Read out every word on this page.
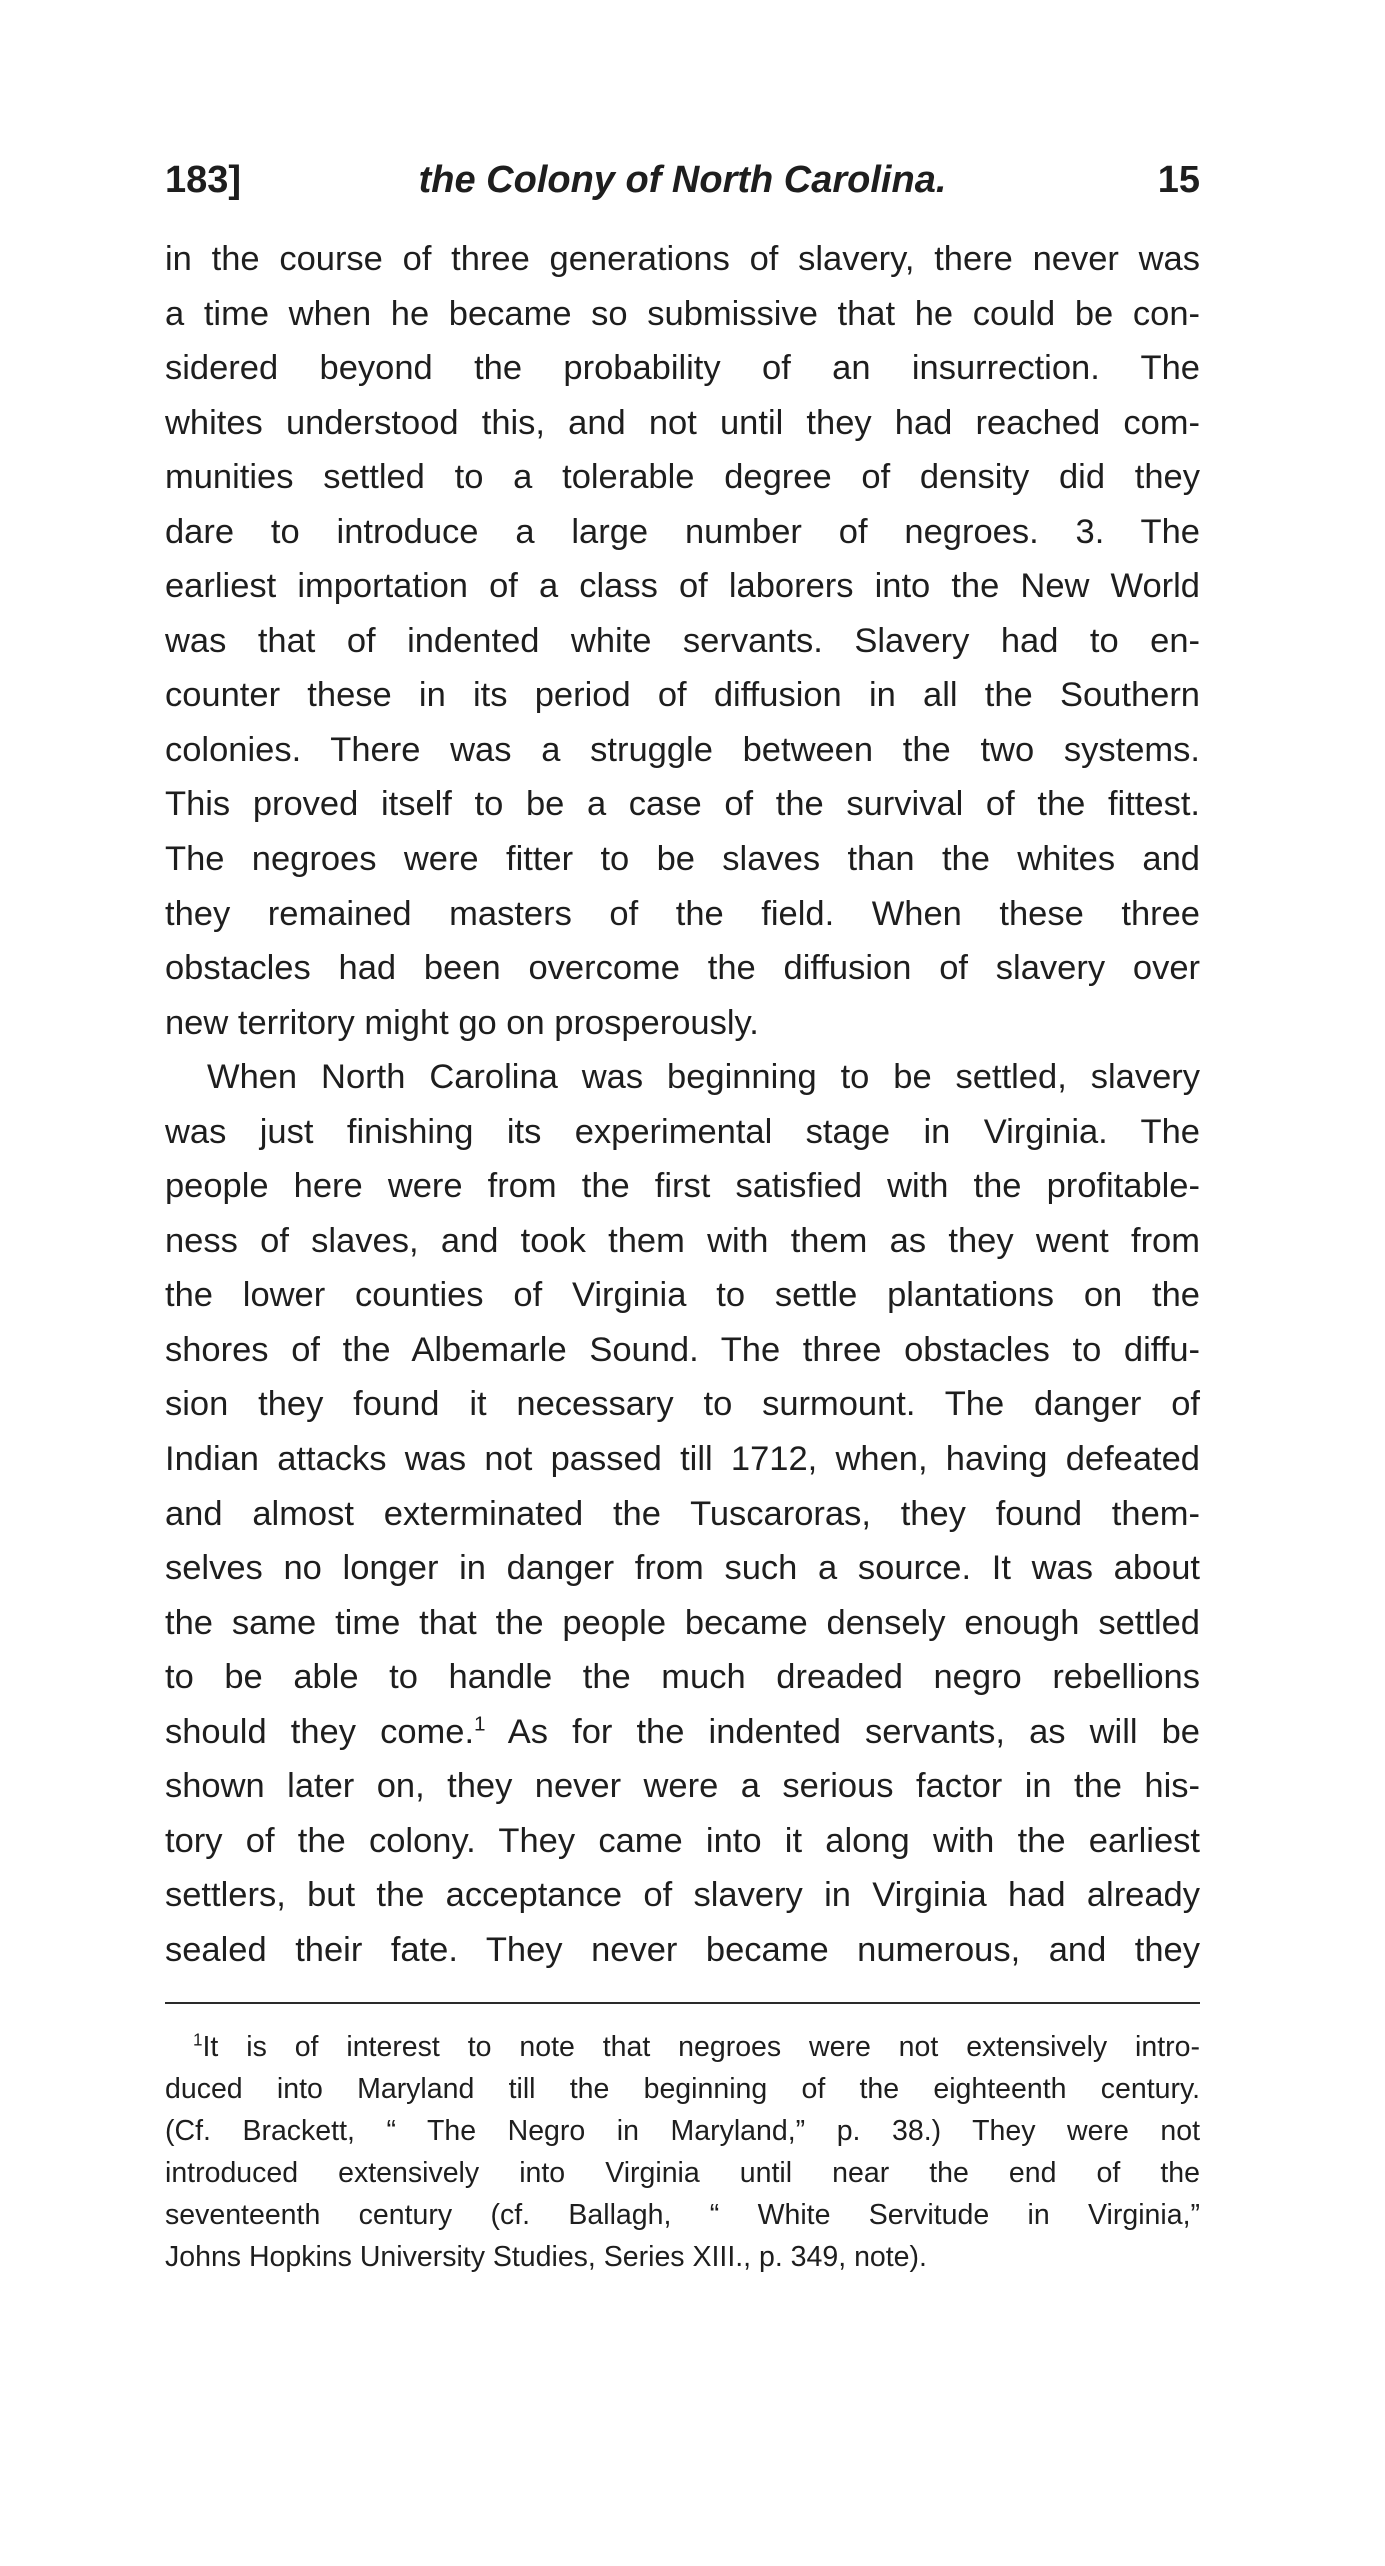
183]	the Colony of North Carolina.	15
in the course of three generations of slavery, there never was
a time when he became so submissive that he could be con-
sidered beyond the probability of an insurrection. The
whites understood this, and not until they had reached com-
munities settled to a tolerable degree of density did they
dare to introduce a large number of negroes. 3. The
earliest importation of a class of laborers into the New World
was that of indented white servants. Slavery had to en-
counter these in its period of diffusion in all the Southern
colonies. There was a struggle between the two systems.
This proved itself to be a case of the survival of the fittest.
The negroes were fitter to be slaves than the whites and
they remained masters of the field. When these three
obstacles had been overcome the diffusion of slavery over
new territory might go on prosperously.
When North Carolina was beginning to be settled, slavery
was just finishing its experimental stage in Virginia. The
people here were from the first satisfied with the profitable-
ness of slaves, and took them with them as they went from
the lower counties of Virginia to settle plantations on the
shores of the Albemarle Sound. The three obstacles to diffu-
sion they found it necessary to surmount. The danger of
Indian attacks was not passed till 1712, when, having defeated
and almost exterminated the Tuscaroras, they found them-
selves no longer in danger from such a source. It was about
the same time that the people became densely enough settled
to be able to handle the much dreaded negro rebellions
should they come.$^1$ As for the indented servants, as will be
shown later on, they never were a serious factor in the his-
tory of the colony. They came into it along with the earliest
settlers, but the acceptance of slavery in Virginia had already
sealed their fate. They never became numerous, and they
$^1$It is of interest to note that negroes were not extensively intro-
duced into Maryland till the beginning of the eighteenth century.
(Cf. Brackett, “ The Negro in Maryland,” p. 38.) They were not
introduced extensively into Virginia until near the end of the
seventeenth century (cf. Ballagh, “ White Servitude in Virginia,”
Johns Hopkins University Studies, Series XIII., p. 349, note).
